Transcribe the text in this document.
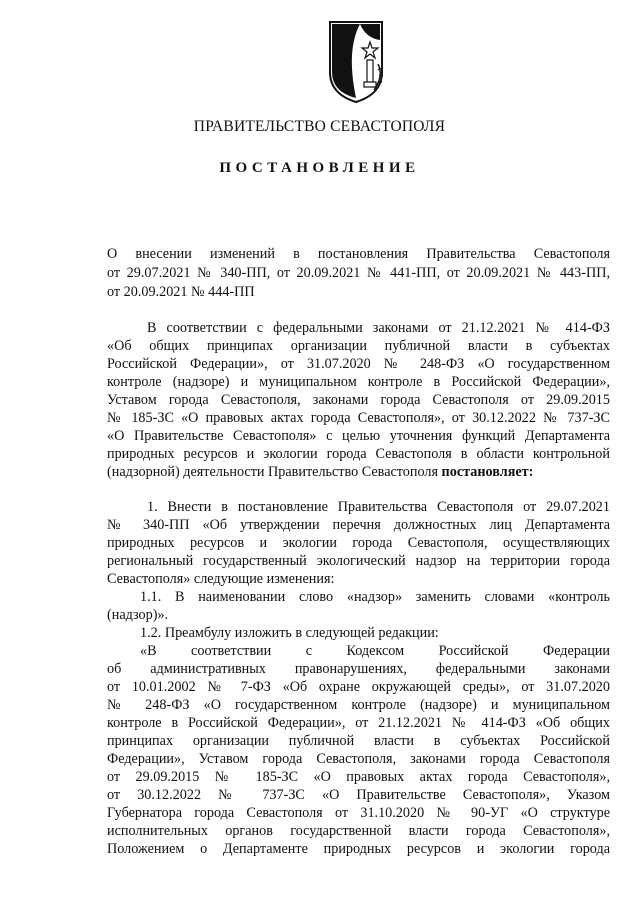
ПРАВИТЕЛЬСТВО СЕВАСТОПОЛЯ
ПОСТАНОВЛЕНИЕ
О внесении изменений в постановления Правительства Севастополя
от 29.07.2021 № 340-ПП, от 20.09.2021 № 441-ПП, от 20.09.2021 № 443-ПП,
от 20.09.2021 № 444-ПП
В соответствии с федеральными законами от 21.12.2021 № 414-ФЗ
«Об общих принципах организации публичной власти в субъектах
Российской Федерации», от 31.07.2020 № 248-ФЗ «О государственном
контроле (надзоре) и муниципальном контроле в Российской Федерации»,
Уставом города Севастополя, законами города Севастополя от 29.09.2015
№ 185-ЗС «О правовых актах города Севастополя», от 30.12.2022 № 737-ЗС
«О Правительстве Севастополя» с целью уточнения функций Департамента
природных ресурсов и экологии города Севастополя в области контрольной
(надзорной) деятельности Правительство Севастополя постановляет:
1. Внести в постановление Правительства Севастополя от 29.07.2021
№ 340-ПП «Об утверждении перечня должностных лиц Департамента
природных ресурсов и экологии города Севастополя, осуществляющих
региональный государственный экологический надзор на территории города
Севастополя» следующие изменения:
1.1. В наименовании слово «надзор» заменить словами «контроль
(надзор)».
1.2. Преамбулу изложить в следующей редакции:
«В соответствии с Кодексом Российской Федерации
об административных правонарушениях, федеральными законами
от 10.01.2002 № 7-ФЗ «Об охране окружающей среды», от 31.07.2020
№ 248-ФЗ «О государственном контроле (надзоре) и муниципальном
контроле в Российской Федерации», от 21.12.2021 № 414-ФЗ «Об общих
принципах организации публичной власти в субъектах Российской
Федерации», Уставом города Севастополя, законами города Севастополя
от 29.09.2015 № 185-ЗС «О правовых актах города Севастополя»,
от 30.12.2022 № 737-ЗС «О Правительстве Севастополя», Указом
Губернатора города Севастополя от 31.10.2020 № 90-УГ «О структуре
исполнительных органов государственной власти города Севастополя»,
Положением о Департаменте природных ресурсов и экологии города
